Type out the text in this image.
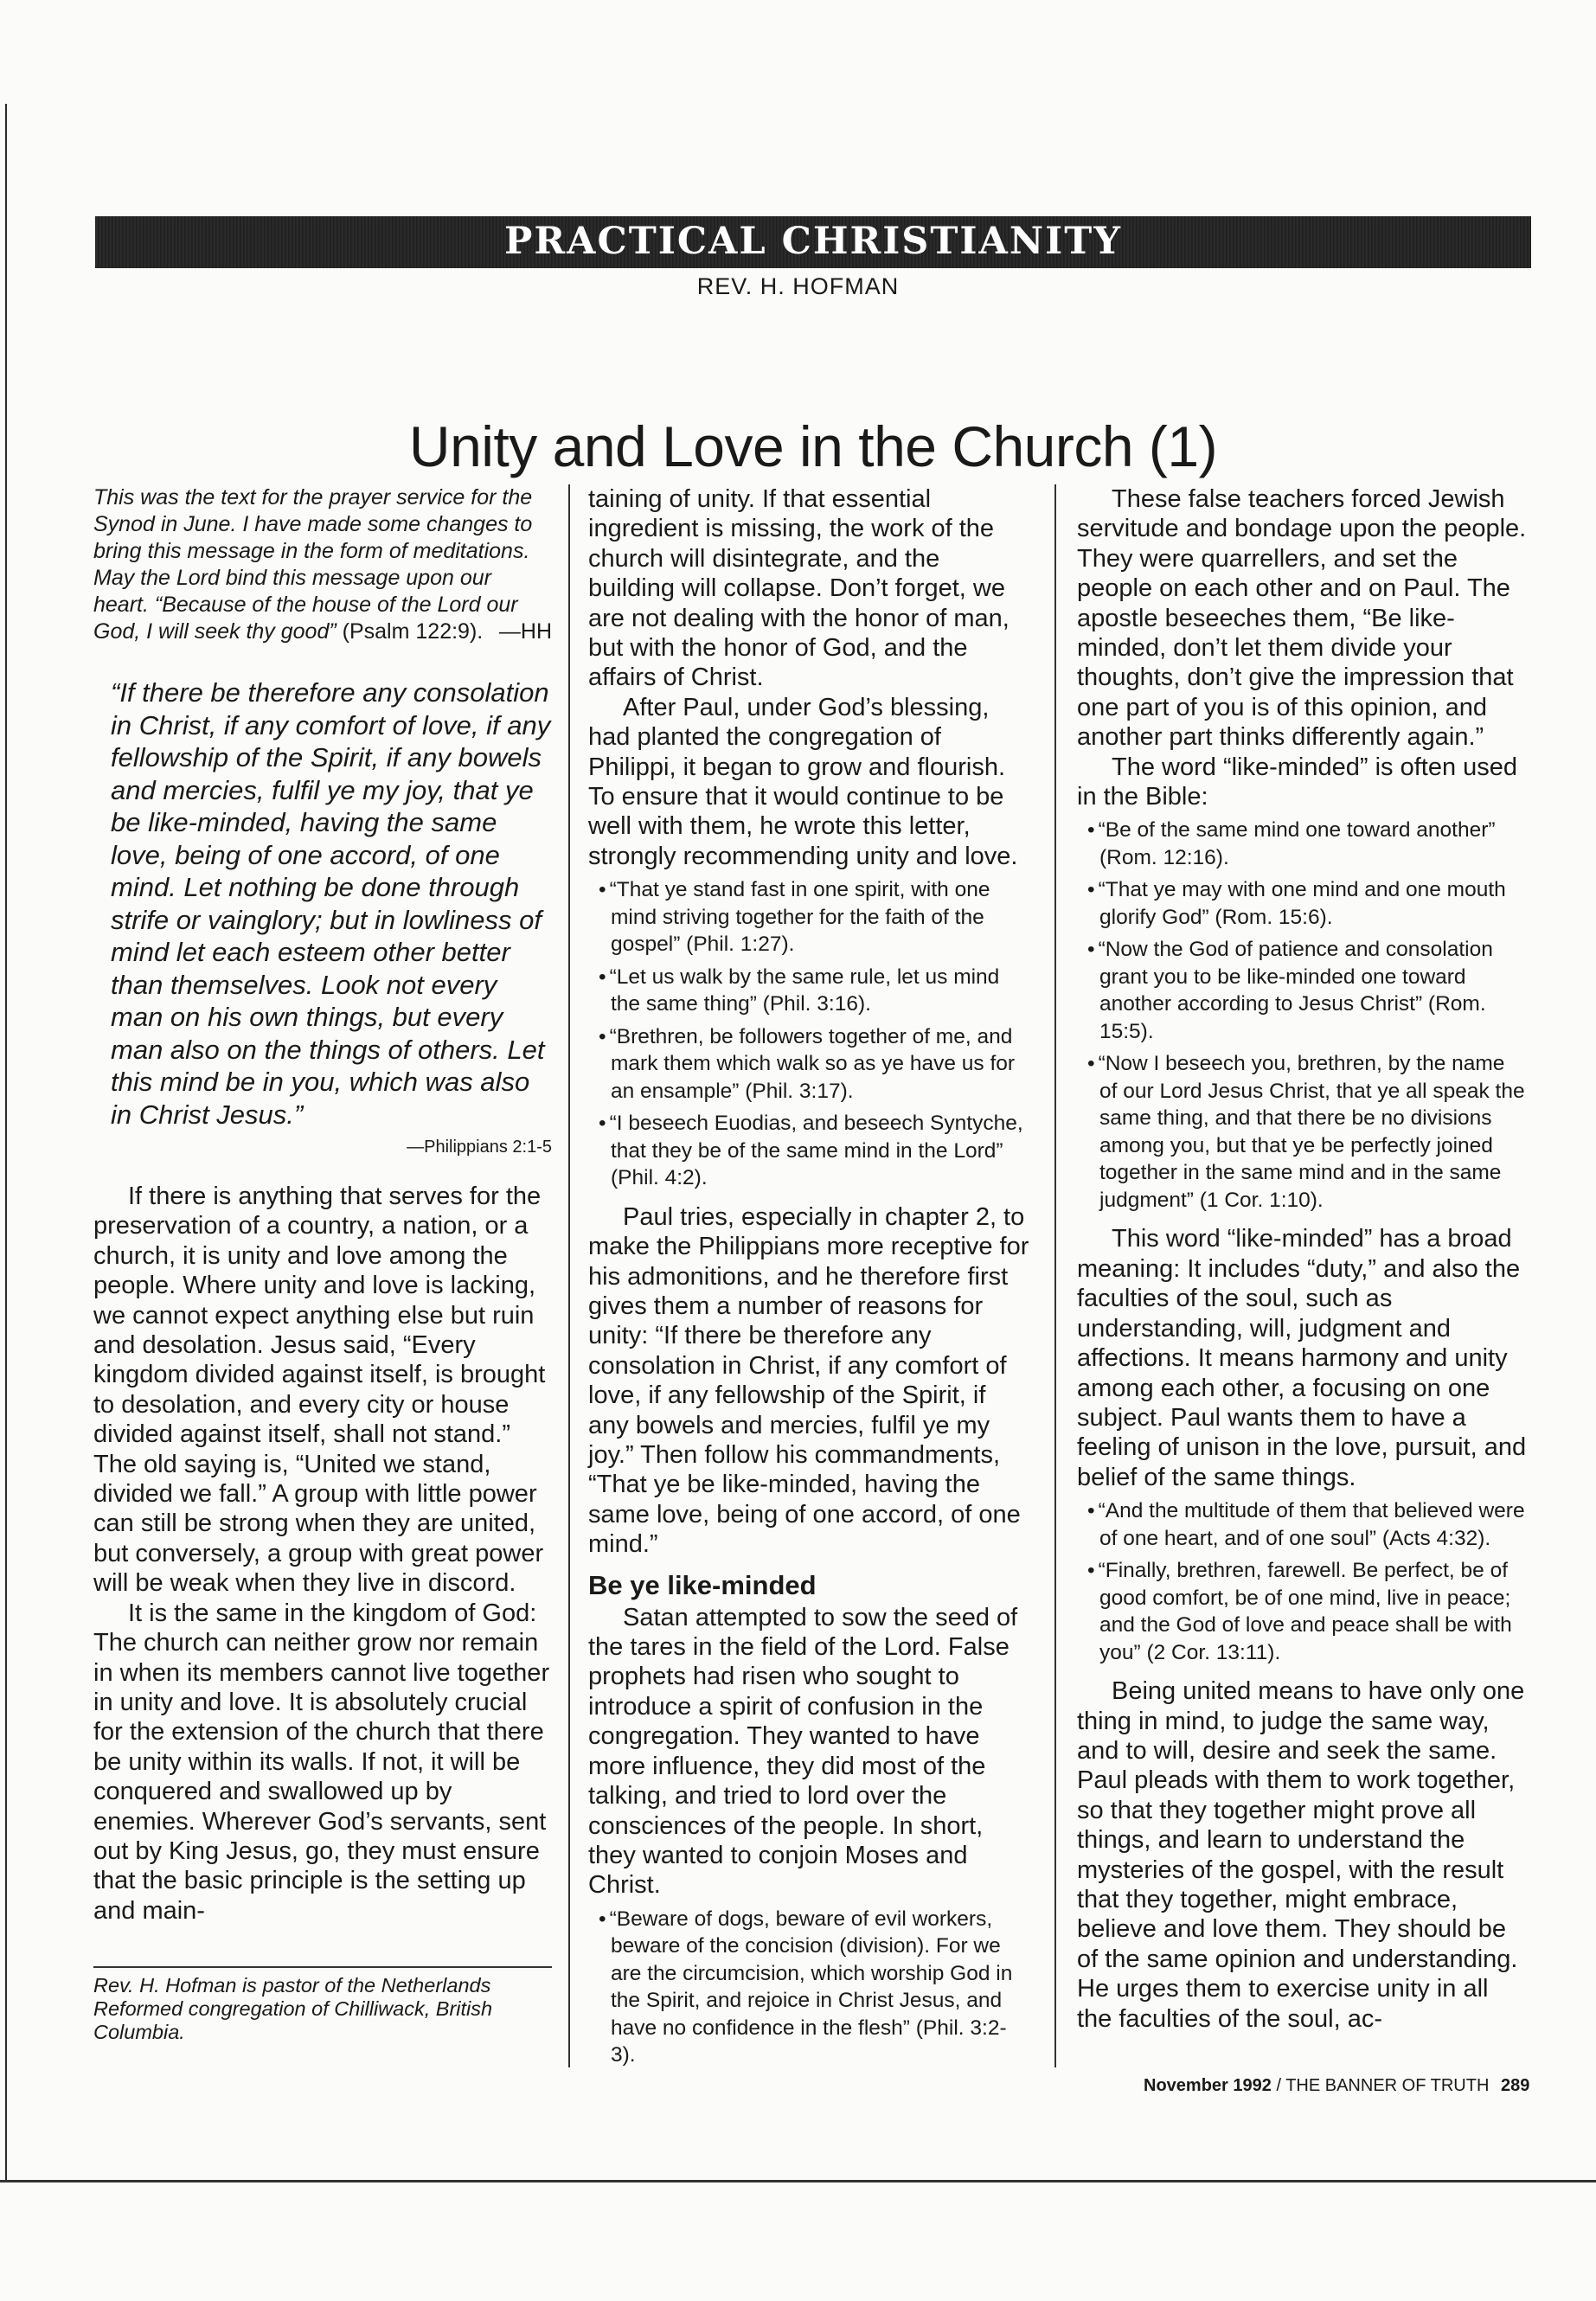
PRACTICAL CHRISTIANITY
REV. H. HOFMAN
Unity and Love in the Church (1)
This was the text for the prayer service for the Synod in June. I have made some changes to bring this message in the form of meditations. May the Lord bind this message upon our heart. “Because of the house of the Lord our God, I will seek thy good” (Psalm 122:9). —HH
“If there be therefore any consolation in Christ, if any comfort of love, if any fellowship of the Spirit, if any bowels and mercies, fulfil ye my joy, that ye be like-minded, having the same love, being of one accord, of one mind. Let nothing be done through strife or vainglory; but in lowliness of mind let each esteem other better than themselves. Look not every man on his own things, but every man also on the things of others. Let this mind be in you, which was also in Christ Jesus.”
—Philippians 2:1-5

If there is anything that serves for the preservation of a country, a nation, or a church, it is unity and love among the people. Where unity and love is lacking, we cannot expect anything else but ruin and desolation. Jesus said, “Every kingdom divided against itself, is brought to desolation, and every city or house divided against itself, shall not stand.” The old saying is, “United we stand, divided we fall.” A group with little power can still be strong when they are united, but conversely, a group with great power will be weak when they live in discord.

It is the same in the kingdom of God: The church can neither grow nor remain in when its members cannot live together in unity and love. It is absolutely crucial for the extension of the church that there be unity within its walls. If not, it will be conquered and swallowed up by enemies. Wherever God’s servants, sent out by King Jesus, go, they must ensure that the basic principle is the setting up and main-

Rev. H. Hofman is pastor of the Netherlands Reformed congregation of Chilliwack, British Columbia.

taining of unity. If that essential ingredient is missing, the work of the church will disintegrate, and the building will collapse. Don’t forget, we are not dealing with the honor of man, but with the honor of God, and the affairs of Christ.

After Paul, under God’s blessing, had planted the congregation of Philippi, it began to grow and flourish. To ensure that it would continue to be well with them, he wrote this letter, strongly recommending unity and love.

• “That ye stand fast in one spirit, with one mind striving together for the faith of the gospel” (Phil. 1:27).

• “Let us walk by the same rule, let us mind the same thing” (Phil. 3:16).

• “Brethren, be followers together of me, and mark them which walk so as ye have us for an ensample” (Phil. 3:17).

• “I beseech Euodias, and beseech Syntyche, that they be of the same mind in the Lord” (Phil. 4:2).

Paul tries, especially in chapter 2, to make the Philippians more receptive for his admonitions, and he therefore first gives them a number of reasons for unity: “If there be therefore any consolation in Christ, if any comfort of love, if any fellowship of the Spirit, if any bowels and mercies, fulfil ye my joy.” Then follow his commandments, “That ye be like-minded, having the same love, being of one accord, of one mind.”

Be ye like-minded

Satan attempted to sow the seed of the tares in the field of the Lord. False prophets had risen who sought to introduce a spirit of confusion in the congregation. They wanted to have more influence, they did most of the talking, and tried to lord over the consciences of the people. In short, they wanted to conjoin Moses and Christ.

• “Beware of dogs, beware of evil workers, beware of the concision (division). For we are the circumcision, which worship God in the Spirit, and rejoice in Christ Jesus, and have no confidence in the flesh” (Phil. 3:2-3).

These false teachers forced Jewish servitude and bondage upon the people. They were quarrellers, and set the people on each other and on Paul. The apostle beseeches them, “Be like-minded, don’t let them divide your thoughts, don’t give the impression that one part of you is of this opinion, and another part thinks differently again.”

The word “like-minded” is often used in the Bible:

• “Be of the same mind one toward another” (Rom. 12:16).

• “That ye may with one mind and one mouth glorify God” (Rom. 15:6).

• “Now the God of patience and consolation grant you to be like-minded one toward another according to Jesus Christ” (Rom. 15:5).

• “Now I beseech you, brethren, by the name of our Lord Jesus Christ, that ye all speak the same thing, and that there be no divisions among you, but that ye be perfectly joined together in the same mind and in the same judgment” (1 Cor. 1:10).

This word “like-minded” has a broad meaning: It includes “duty,” and also the faculties of the soul, such as understanding, will, judgment and affections. It means harmony and unity among each other, a focusing on one subject. Paul wants them to have a feeling of unison in the love, pursuit, and belief of the same things.

• “And the multitude of them that believed were of one heart, and of one soul” (Acts 4:32).

• “Finally, brethren, farewell. Be perfect, be of good comfort, be of one mind, live in peace; and the God of love and peace shall be with you” (2 Cor. 13:11).

Being united means to have only one thing in mind, to judge the same way, and to will, desire and seek the same. Paul pleads with them to work together, so that they together might prove all things, and learn to understand the mysteries of the gospel, with the result that they together, might embrace, believe and love them. They should be of the same opinion and understanding. He urges them to exercise unity in all the faculties of the soul, ac-

November 1992 / THE BANNER OF TRUTH 289
